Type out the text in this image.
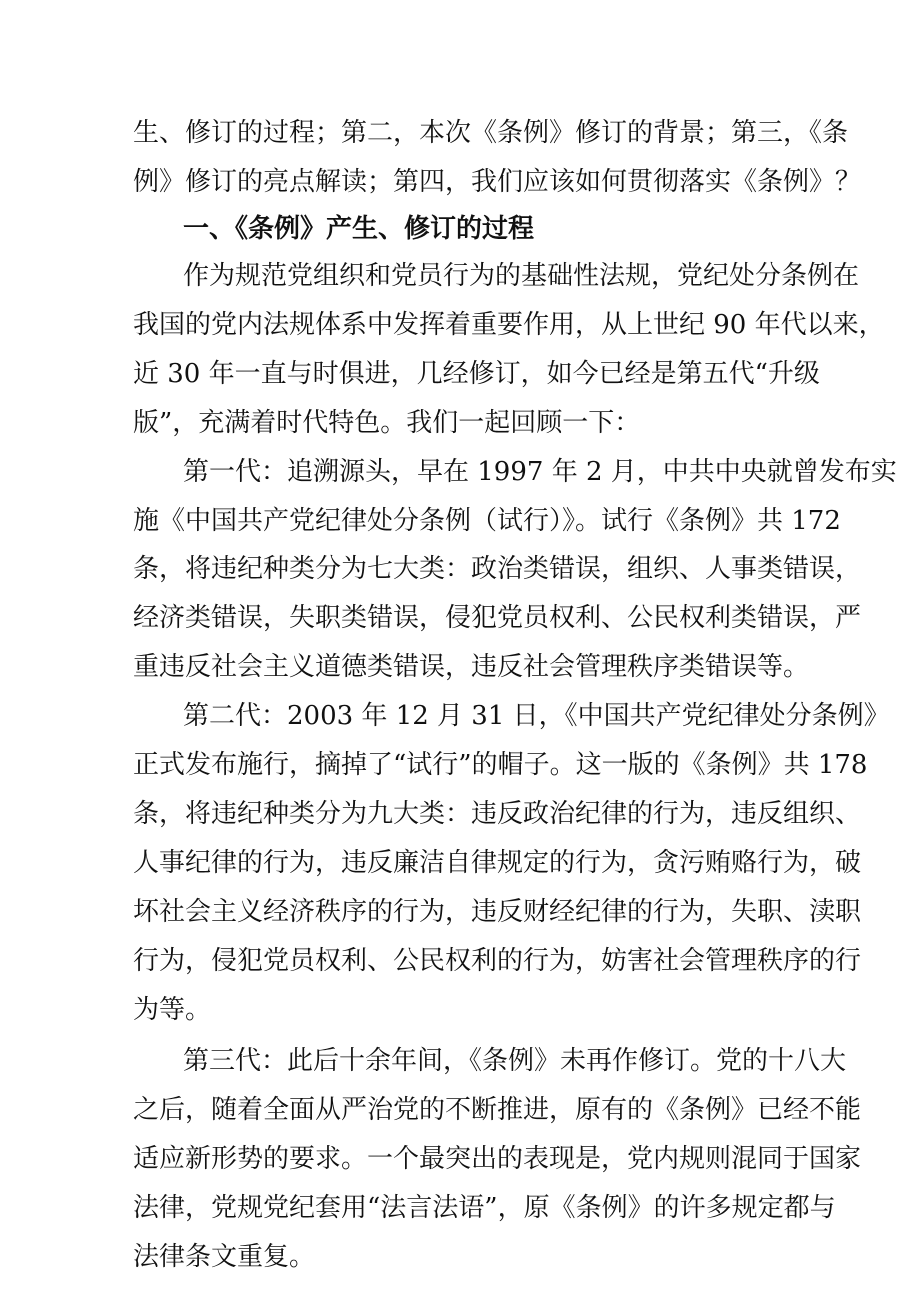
生、修订的过程；第二，本次《条例》修订的背景；第三，《条
例》修订的亮点解读；第四，我们应该如何贯彻落实《条例》？
一、《条例》产生、修订的过程
作为规范党组织和党员行为的基础性法规，党纪处分条例在
我国的党内法规体系中发挥着重要作用，从上世纪 90 年代以来，
近 30 年一直与时俱进，几经修订，如今已经是第五代“升级
版”，充满着时代特色。我们一起回顾一下：
第一代：追溯源头，早在 1997 年 2 月，中共中央就曾发布实
施《中国共产党纪律处分条例（试行）》。试行《条例》共 172
条，将违纪种类分为七大类：政治类错误，组织、人事类错误，
经济类错误，失职类错误，侵犯党员权利、公民权利类错误，严
重违反社会主义道德类错误，违反社会管理秩序类错误等。
第二代：2003 年 12 月 31 日，《中国共产党纪律处分条例》
正式发布施行，摘掉了“试行”的帽子。这一版的《条例》共 178
条，将违纪种类分为九大类：违反政治纪律的行为，违反组织、
人事纪律的行为，违反廉洁自律规定的行为，贪污贿赂行为，破
坏社会主义经济秩序的行为，违反财经纪律的行为，失职、渎职
行为，侵犯党员权利、公民权利的行为，妨害社会管理秩序的行
为等。
第三代：此后十余年间，《条例》未再作修订。党的十八大
之后，随着全面从严治党的不断推进，原有的《条例》已经不能
适应新形势的要求。一个最突出的表现是，党内规则混同于国家
法律，党规党纪套用“法言法语”，原《条例》的许多规定都与
法律条文重复。
